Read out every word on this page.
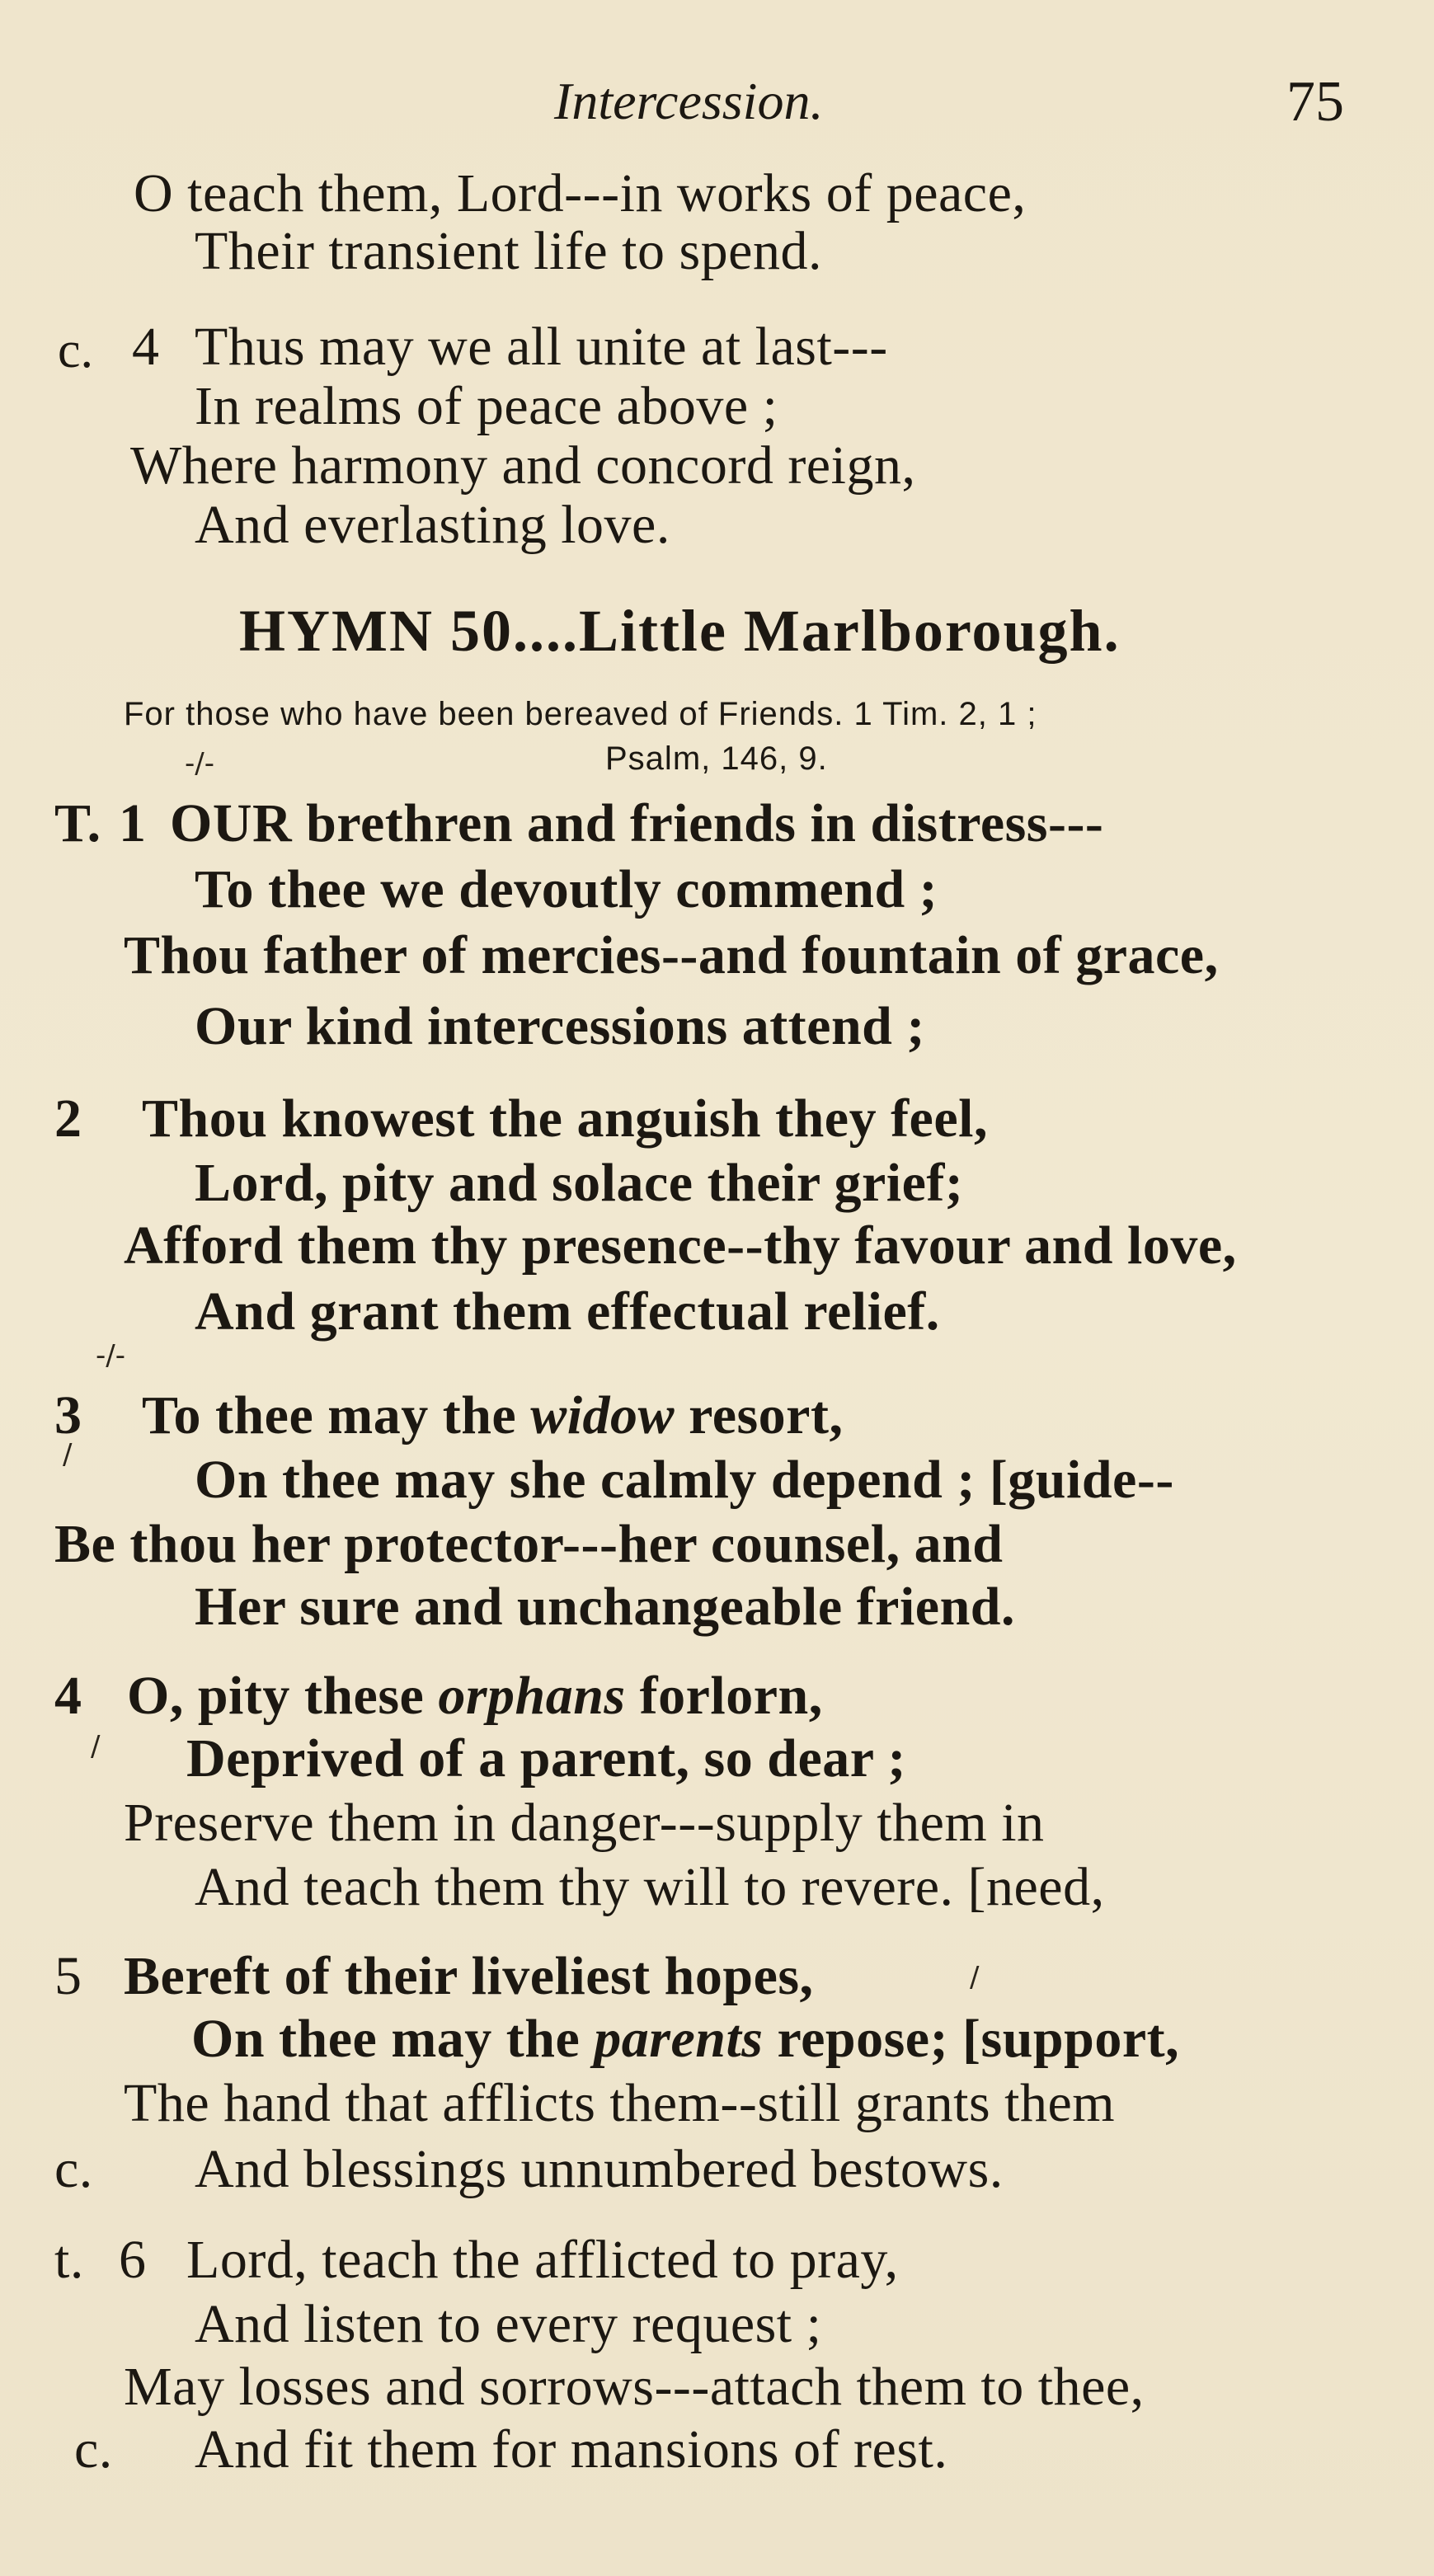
Intercession.	75
O teach them, Lord---in works of peace,
Their transient life to spend.
c. 4 Thus may we all unite at last---
In realms of peace above ;
Where harmony and concord reign,
And everlasting love.
HYMN 50....Little Marlborough.
For those who have been bereaved of Friends. 1 Tim. 2, 1 ;
-/-	Psalm, 146, 9.
T. 1 OUR brethren and friends in distress---
To thee we devoutly commend ;
Thou father of mercies--and fountain of grace,
Our kind intercessions attend ;
2 Thou knowest the anguish they feel,
Lord, pity and solace their grief;
Afford them thy presence--thy favour and love,
And grant them effectual relief.
-/-
3 To thee may the widow resort,
/ On thee may she calmly depend ; [guide--
Be thou her protector---her counsel, and
Her sure and unchangeable friend.
4 O, pity these orphans forlorn,
/ Deprived of a parent, so dear ;
Preserve them in danger---supply them in
And teach them thy will to revere. [need,
5 Bereft of their liveliest hopes,	/
On thee may the parents repose; [support,
The hand that afflicts them--still grants them
c. And blessings unnumbered bestows.
t. 6 Lord, teach the afflicted to pray,
And listen to every request ;
May losses and sorrows---attach them to thee,
c. And fit them for mansions of rest.
